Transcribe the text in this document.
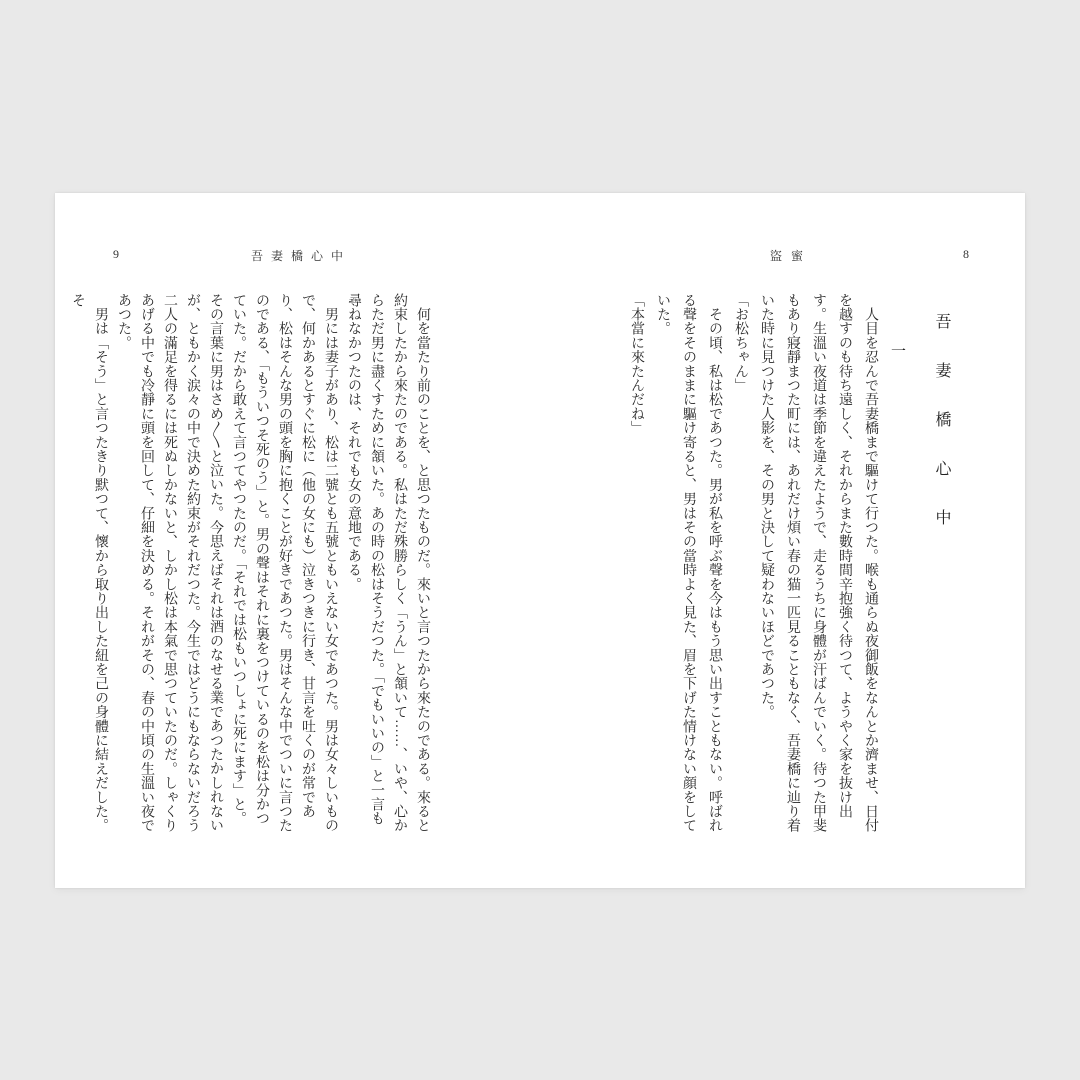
9	吾妻橋心中

　何を當たり前のことを、と思つたものだ。來いと言つたから來たのである。來ると約束したから來たのである。私はただ殊勝らしく「うん」と頷いて……、いや、心からただ男に盡くすために頷いた。あの時の松はそうだつた。「でもいいの」と一言も尋ねなかつたのは、それでも女の意地である。

　男には妻子があり、松は二號とも五號ともいえない女であつた。男は女々しいもので、何かあるとすぐに松に（他の女にも）泣きつきに行き、甘言を吐くのが常であり、松はそんな男の頭を胸に抱くことが好きであつた。男はそんな中でついに言つたのである、「もういつそ死のう」と。男の聲はそれに裏をつけているのを松は分かつていた。だから敢えて言つてやつたのだ。「それでは松もいつしょに死にます」と。その言葉に男はさめ〳〵と泣いた。今思えばそれは酒のなせる業であつたかしれないが、ともかく涙々の中で決めた約束がそれだつた。今生ではどうにもならないだろう二人の滿足を得るには死ぬしかないと、しかし松は本氣で思つていたのだ。しゃくりあげる中でも冷靜に頭を回して、仔細を決める。それがその、春の中頃の生溫い夜であつた。

　男は「そう」と言つたきり默つて、懷から取り出した紐を己の身體に結えだした。そ

盜蜜	8
吾妻橋心中
一

　人目を忍んで吾妻橋まで驅けて行つた。喉も通らぬ夜御飯をなんとか濟ませ、日付を越すのも待ち遠しく、それからまた數時間辛抱強く待つて、ようやく家を抜け出す。生溫い夜道は季節を違えたようで、走るうちに身體が汗ばんでいく。待つた甲斐もあり寢靜まつた町には、あれだけ煩い春の猫一匹見ることもなく、吾妻橋に辿り着いた時に見つけた人影を、その男と決して疑わないほどであつた。

「お松ちゃん」

　その頃、私は松であつた。男が私を呼ぶ聲を今はもう思い出すこともない。呼ばれる聲をそのままに驅け寄ると、男はその當時よく見た、眉を下げた情けない顔をしていた。

「本當に來たんだね」
